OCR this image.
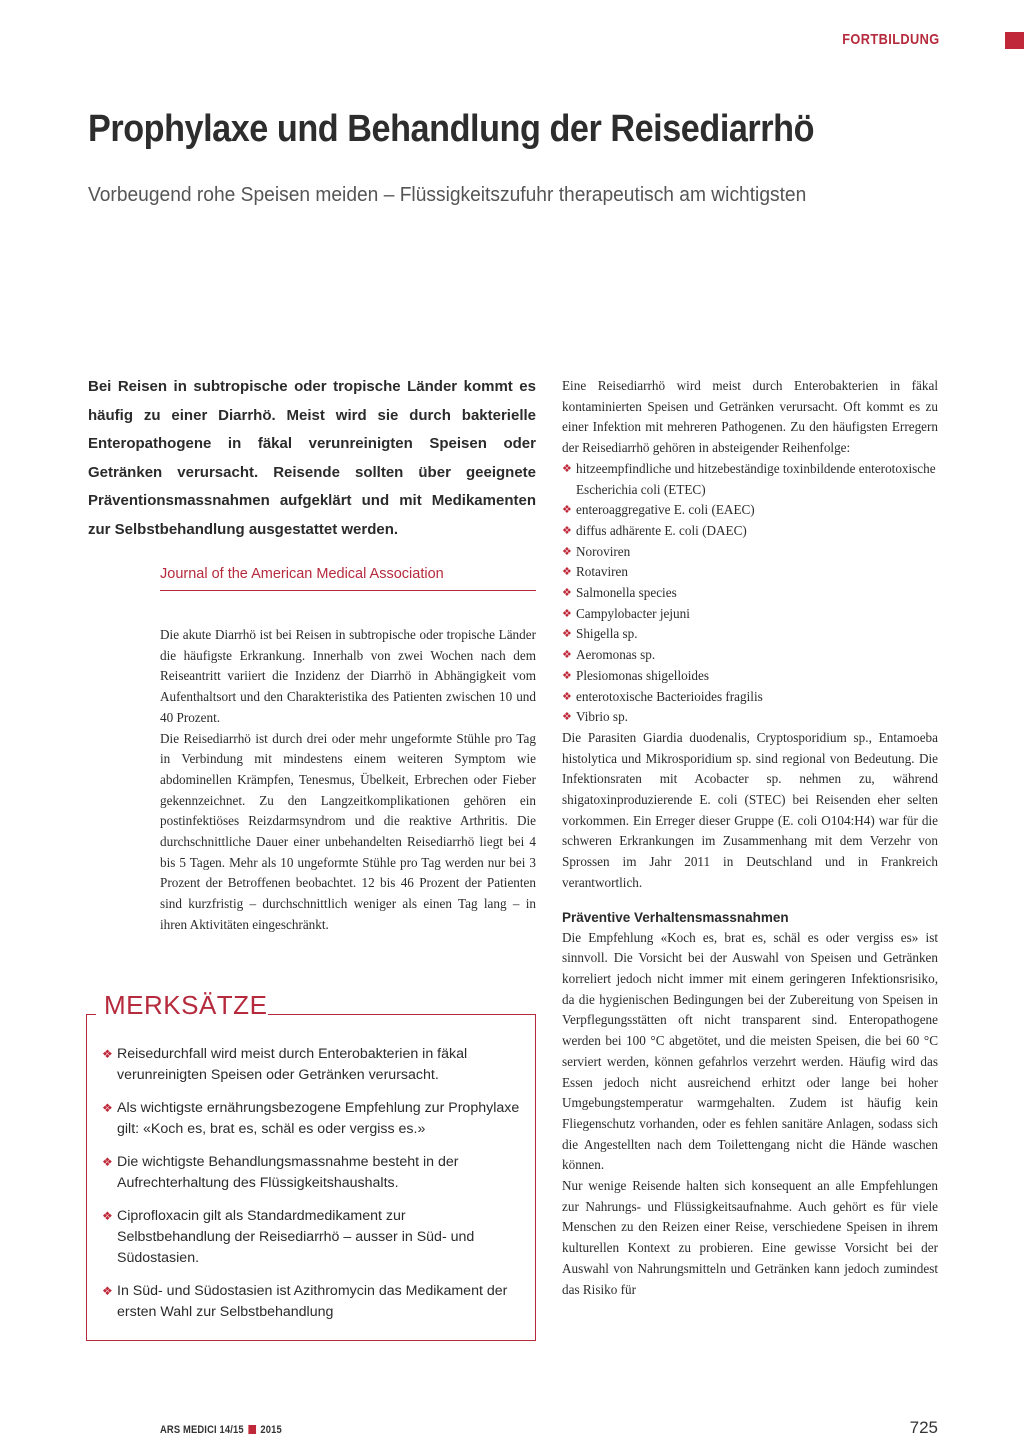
FORTBILDUNG
Prophylaxe und Behandlung der Reisediarrhö
Vorbeugend rohe Speisen meiden – Flüssigkeitszufuhr therapeutisch am wichtigsten

Bei Reisen in subtropische oder tropische Länder kommt es häufig zu einer Diarrhö. Meist wird sie durch bakterielle Enteropathogene in fäkal verunreinigten Speisen oder Getränken verursacht. Reisende sollten über geeignete Präventionsmassnahmen aufgeklärt und mit Medikamenten zur Selbstbehandlung ausgestattet werden.

Journal of the American Medical Association

Die akute Diarrhö ist bei Reisen in subtropische oder tropische Länder die häufigste Erkrankung. Innerhalb von zwei Wochen nach dem Reiseantritt variiert die Inzidenz der Diarrhö in Abhängigkeit vom Aufenthaltsort und den Charakteristika des Patienten zwischen 10 und 40 Prozent.

Die Reisediarrhö ist durch drei oder mehr ungeformte Stühle pro Tag in Verbindung mit mindestens einem weiteren Symptom wie abdominellen Krämpfen, Tenesmus, Übelkeit, Erbrechen oder Fieber gekennzeichnet. Zu den Langzeitkomplikationen gehören ein postinfektiöses Reizdarmsyndrom und die reaktive Arthritis. Die durchschnittliche Dauer einer unbehandelten Reisediarrhö liegt bei 4 bis 5 Tagen. Mehr als 10 ungeformte Stühle pro Tag werden nur bei 3 Prozent der Betroffenen beobachtet. 12 bis 46 Prozent der Patienten sind kurzfristig – durchschnittlich weniger als einen Tag lang – in ihren Aktivitäten eingeschränkt.

MERKSÄTZE
❖ Reisedurchfall wird meist durch Enterobakterien in fäkal verunreinigten Speisen oder Getränken verursacht.
❖ Als wichtigste ernährungsbezogene Empfehlung zur Prophylaxe gilt: «Koch es, brat es, schäl es oder vergiss es.»
❖ Die wichtigste Behandlungsmassnahme besteht in der Aufrechterhaltung des Flüssigkeitshaushalts.
❖ Ciprofloxacin gilt als Standardmedikament zur Selbstbehandlung der Reisediarrhö – ausser in Süd- und Südostasien.
❖ In Süd- und Südostasien ist Azithromycin das Medikament der ersten Wahl zur Selbstbehandlung

Eine Reisediarrhö wird meist durch Enterobakterien in fäkal kontaminierten Speisen und Getränken verursacht. Oft kommt es zu einer Infektion mit mehreren Pathogenen. Zu den häufigsten Erregern der Reisediarrhö gehören in absteigender Reihenfolge:

❖ hitzeempfindliche und hitzebeständige toxinbildende enterotoxische Escherichia coli (ETEC)
❖ enteroaggregative E. coli (EAEC)
❖ diffus adhärente E. coli (DAEC)
❖ Noroviren
❖ Rotaviren
❖ Salmonella species
❖ Campylobacter jejuni
❖ Shigella sp.
❖ Aeromonas sp.
❖ Plesiomonas shigelloides
❖ enterotoxische Bacterioides fragilis
❖ Vibrio sp.

Die Parasiten Giardia duodenalis, Cryptosporidium sp., Entamoeba histolytica und Mikrosporidium sp. sind regional von Bedeutung. Die Infektionsraten mit Acobacter sp. nehmen zu, während shigatoxinproduzierende E. coli (STEC) bei Reisenden eher selten vorkommen. Ein Erreger dieser Gruppe (E. coli O104:H4) war für die schweren Erkrankungen im Zusammenhang mit dem Verzehr von Sprossen im Jahr 2011 in Deutschland und in Frankreich verantwortlich.

Präventive Verhaltensmassnahmen

Die Empfehlung «Koch es, brat es, schäl es oder vergiss es» ist sinnvoll. Die Vorsicht bei der Auswahl von Speisen und Getränken korreliert jedoch nicht immer mit einem geringeren Infektionsrisiko, da die hygienischen Bedingungen bei der Zubereitung von Speisen in Verpflegungsstätten oft nicht transparent sind. Enteropathogene werden bei 100 °C abgetötet, und die meisten Speisen, die bei 60 °C serviert werden, können gefahrlos verzehrt werden. Häufig wird das Essen jedoch nicht ausreichend erhitzt oder lange bei hoher Umgebungstemperatur warmgehalten. Zudem ist häufig kein Fliegenschutz vorhanden, oder es fehlen sanitäre Anlagen, sodass sich die Angestellten nach dem Toilettengang nicht die Hände waschen können.

Nur wenige Reisende halten sich konsequent an alle Empfehlungen zur Nahrungs- und Flüssigkeitsaufnahme. Auch gehört es für viele Menschen zu den Reizen einer Reise, verschiedene Speisen in ihrem kulturellen Kontext zu probieren. Eine gewisse Vorsicht bei der Auswahl von Nahrungsmitteln und Getränken kann jedoch zumindest das Risiko für

ARS MEDICI 14/15 2015	725
